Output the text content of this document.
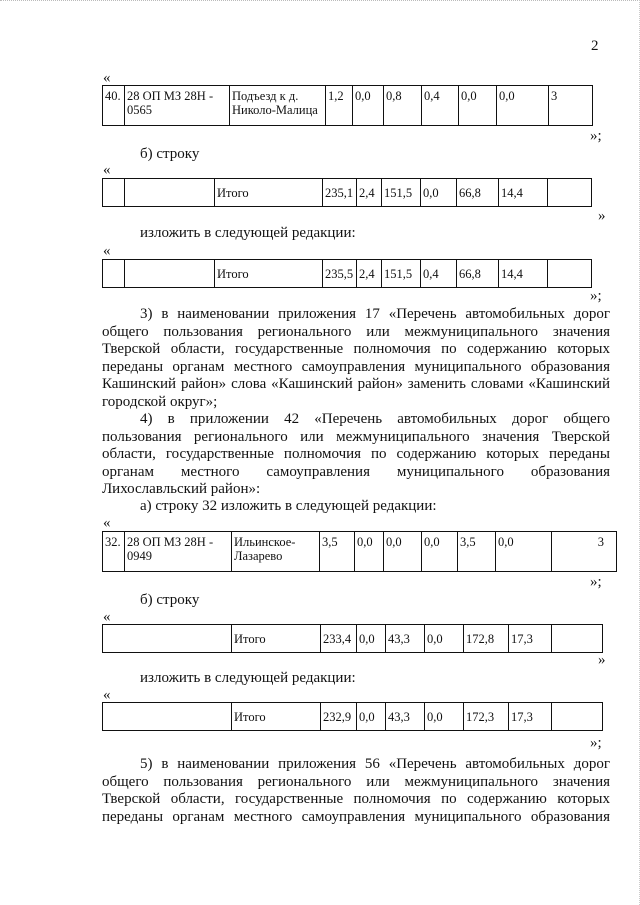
2
«
40.	28 ОП МЗ 28Н - 0565	Подъезд к д. Николо-Малица	1,2	0,0	0,8	0,4	0,0	0,0	3
»;
б) строку
«
		Итого	235,1	2,4	151,5	0,0	66,8	14,4	
»
изложить в следующей редакции:
«
		Итого	235,5	2,4	151,5	0,4	66,8	14,4	
»;
3) в наименовании приложения 17 «Перечень автомобильных дорог
общего пользования регионального или межмуниципального значения
Тверской области, государственные полномочия по содержанию которых
переданы органам местного самоуправления муниципального образования
Кашинский район» слова «Кашинский район» заменить словами «Кашинский
городской округ»;
4) в приложении 42 «Перечень автомобильных дорог общего
пользования регионального или межмуниципального значения Тверской
области, государственные полномочия по содержанию которых переданы
органам местного самоуправления муниципального образования
Лихославльский район»:
а) строку 32 изложить в следующей редакции:
«
32.	28 ОП МЗ 28Н - 0949	Ильинское- Лазарево	3,5	0,0	0,0	0,0	3,5	0,0	3
»;
б) строку
«
	Итого	233,4	0,0	43,3	0,0	172,8	17,3	
»
изложить в следующей редакции:
«
	Итого	232,9	0,0	43,3	0,0	172,3	17,3	
»;
5) в наименовании приложения 56 «Перечень автомобильных дорог
общего пользования регионального или межмуниципального значения
Тверской области, государственные полномочия по содержанию которых
переданы органам местного самоуправления муниципального образования
